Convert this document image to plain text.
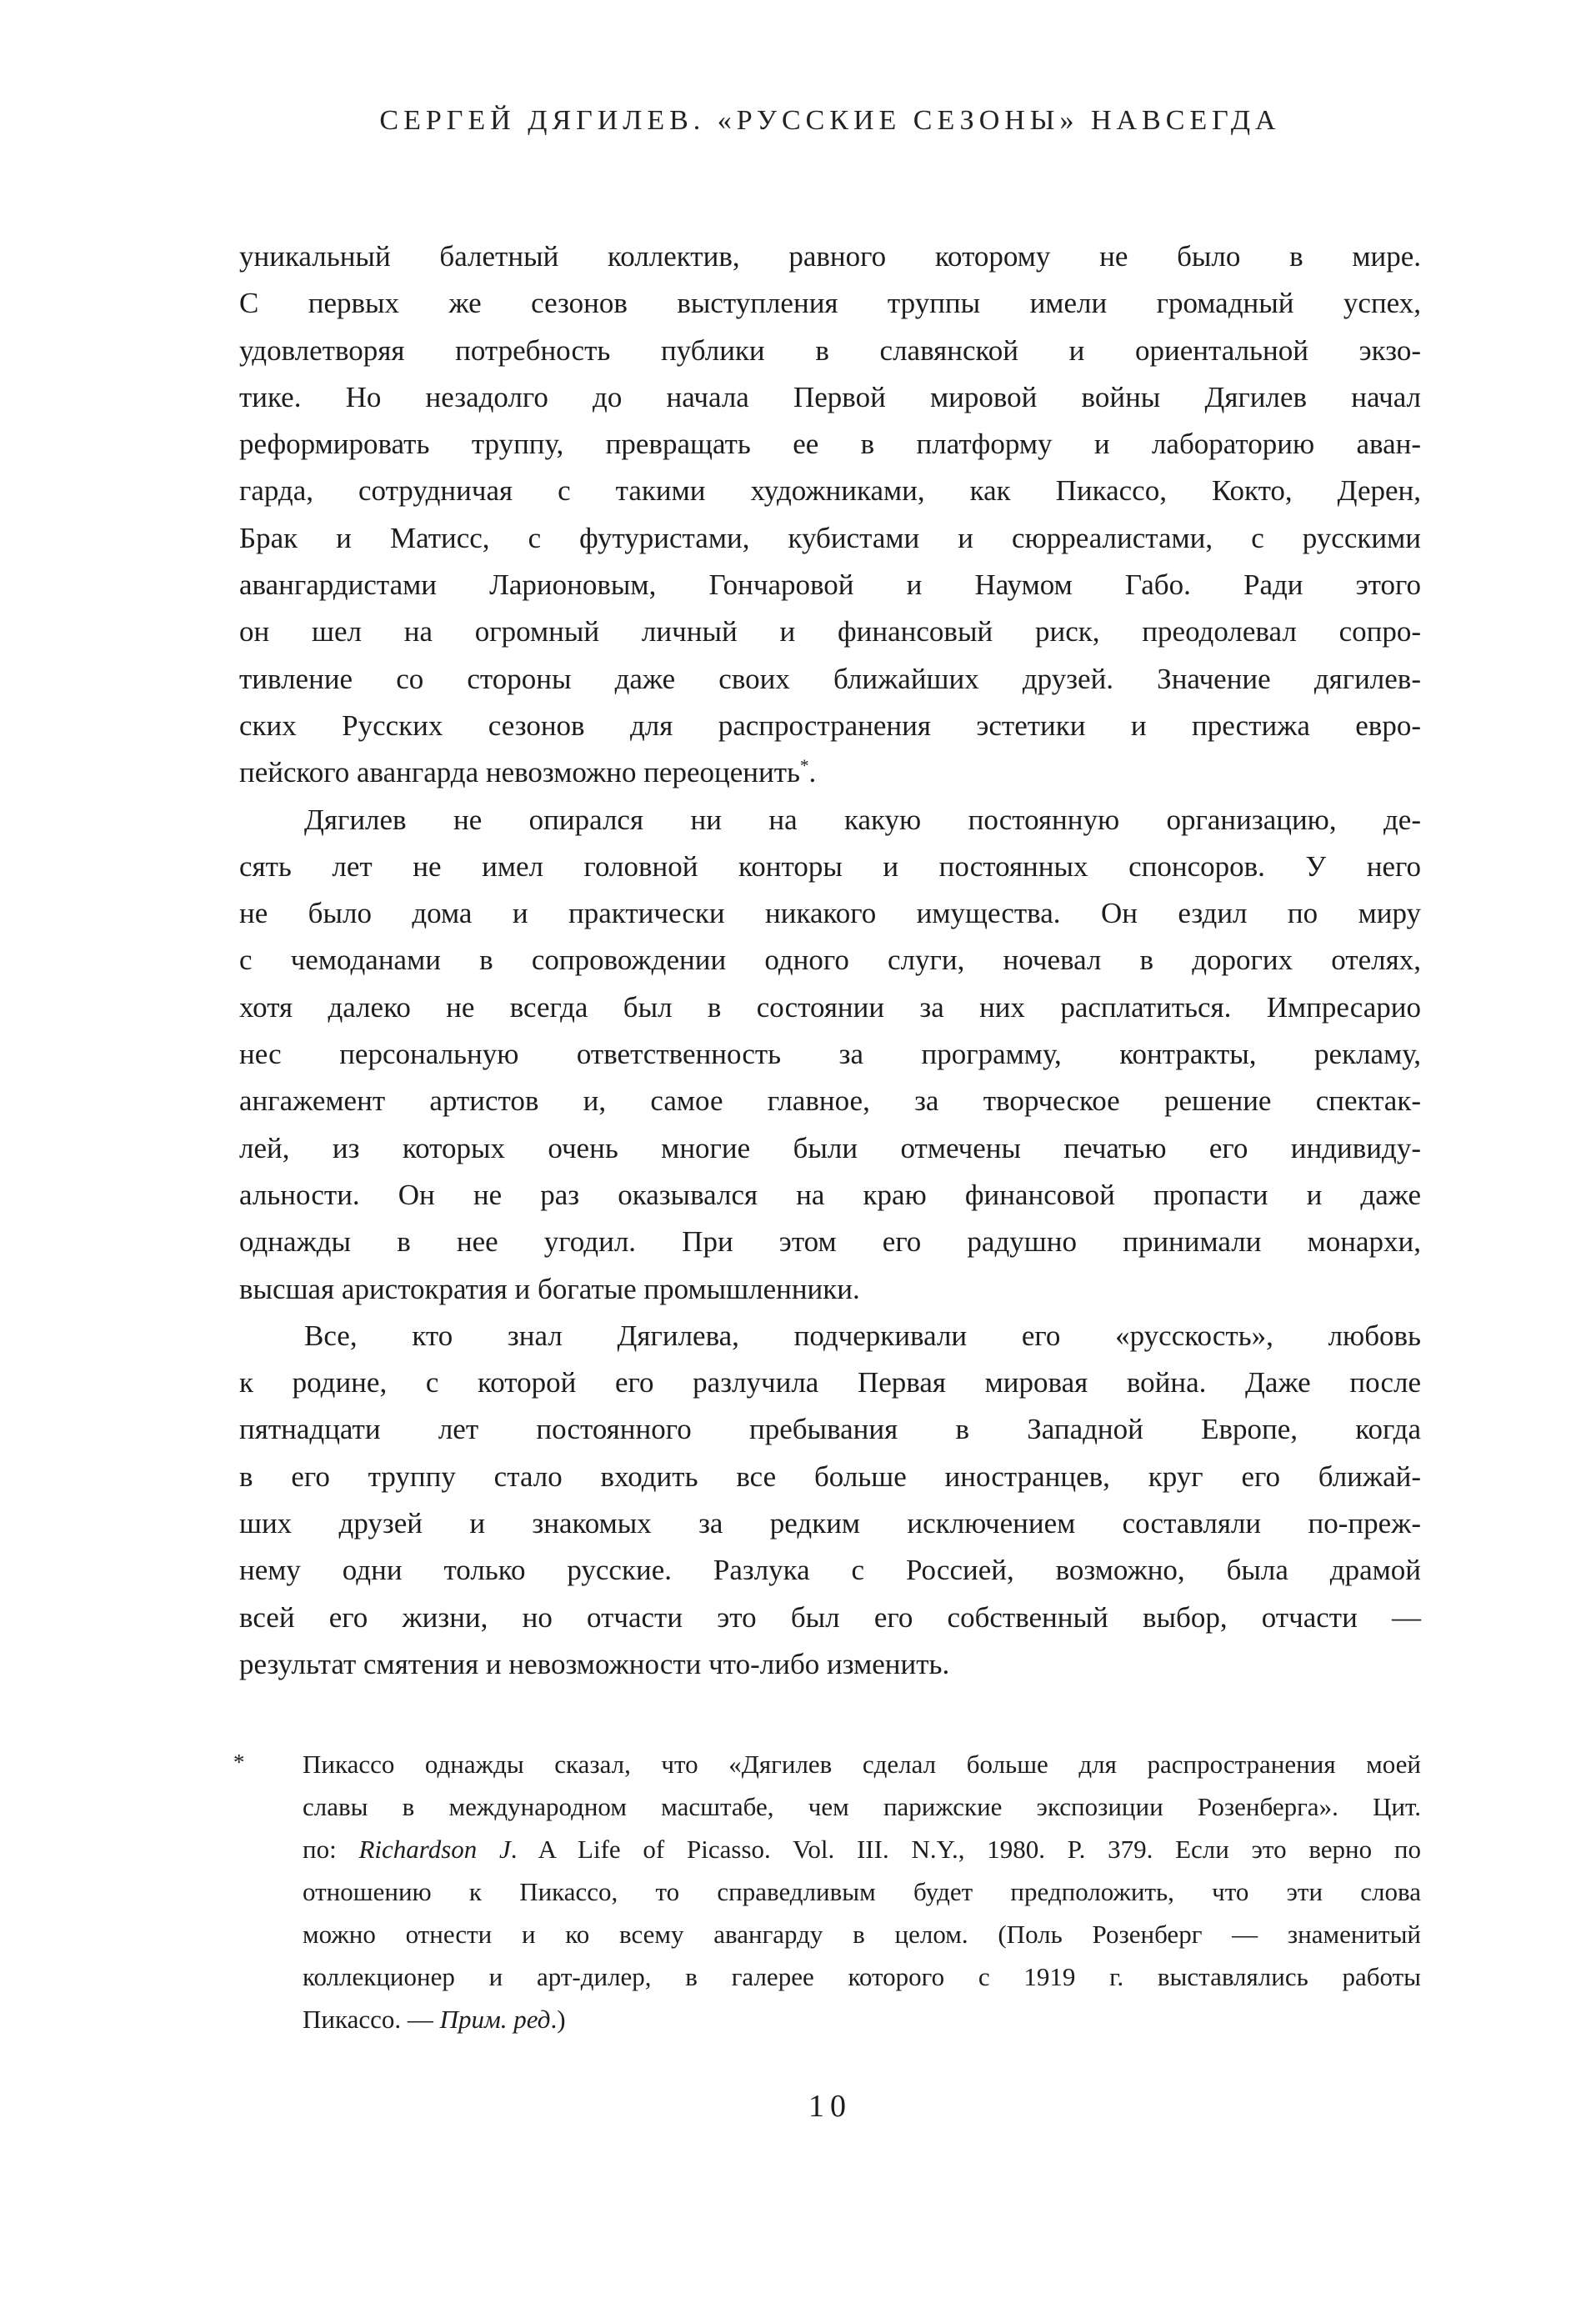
СЕРГЕЙ ДЯГИЛЕВ. «РУССКИЕ СЕЗОНЫ» НАВСЕГДА
уникальный балетный коллектив, равного которому не было в мире.
С первых же сезонов выступления труппы имели громадный успех,
удовлетворяя потребность публики в славянской и ориентальной экзо-
тике. Но незадолго до начала Первой мировой войны Дягилев начал
реформировать труппу, превращать ее в платформу и лабораторию аван-
гарда, сотрудничая с такими художниками, как Пикассо, Кокто, Дерен,
Брак и Матисс, с футуристами, кубистами и сюрреалистами, с русскими
авангардистами Ларионовым, Гончаровой и Наумом Габо. Ради этого
он шел на огромный личный и финансовый риск, преодолевал сопро-
тивление со стороны даже своих ближайших друзей. Значение дягилев-
ских Русских сезонов для распространения эстетики и престижа евро-
пейского авангарда невозможно переоценить*.
Дягилев не опирался ни на какую постоянную организацию, де-
сять лет не имел головной конторы и постоянных спонсоров. У него
не было дома и практически никакого имущества. Он ездил по миру
с чемоданами в сопровождении одного слуги, ночевал в дорогих отелях,
хотя далеко не всегда был в состоянии за них расплатиться. Импресарио
нес персональную ответственность за программу, контракты, рекламу,
ангажемент артистов и, самое главное, за творческое решение спектак-
лей, из которых очень многие были отмечены печатью его индивиду-
альности. Он не раз оказывался на краю финансовой пропасти и даже
однажды в нее угодил. При этом его радушно принимали монархи,
высшая аристократия и богатые промышленники.
Все, кто знал Дягилева, подчеркивали его «русскость», любовь
к родине, с которой его разлучила Первая мировая война. Даже после
пятнадцати лет постоянного пребывания в Западной Европе, когда
в его труппу стало входить все больше иностранцев, круг его ближай-
ших друзей и знакомых за редким исключением составляли по-преж-
нему одни только русские. Разлука с Россией, возможно, была драмой
всей его жизни, но отчасти это был его собственный выбор, отчасти —
результат смятения и невозможности что-либо изменить.
* Пикассо однажды сказал, что «Дягилев сделал больше для распространения моей
славы в международном масштабе, чем парижские экспозиции Розенберга». Цит.
по: Richardson J. A Life of Picasso. Vol. III. N.Y., 1980. P. 379. Если это верно по
отношению к Пикассо, то справедливым будет предположить, что эти слова
можно отнести и ко всему авангарду в целом. (Поль Розенберг — знаменитый
коллекционер и арт-дилер, в галерее которого с 1919 г. выставлялись работы
Пикассо. — Прим. ред.)
10
